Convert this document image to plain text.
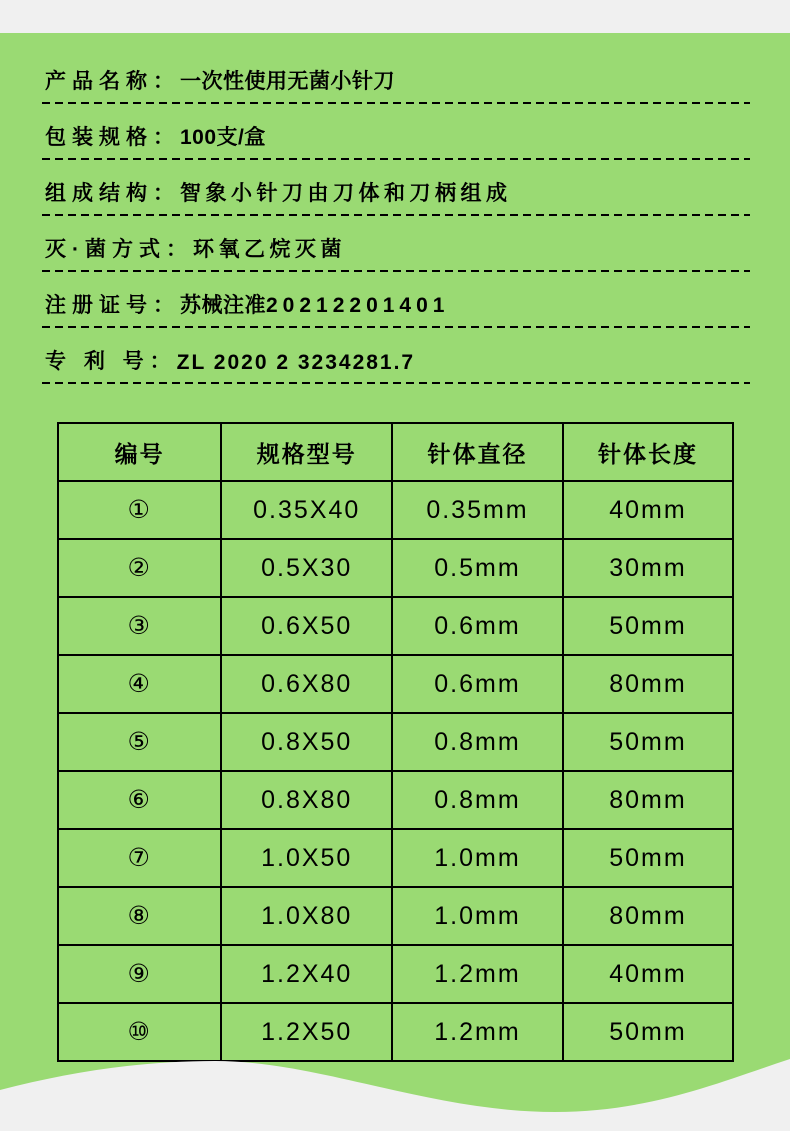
产品名称： 一次性使用无菌小针刀
包装规格： 100支/盒
组成结构： 智象小针刀由刀体和刀柄组成
灭·菌方式： 环氧乙烷灭菌
注册证号： 苏械注准20212201401
专 利 号： ZL 2020 2 3234281.7
编号	规格型号	针体直径	针体长度
①	0.35X40	0.35mm	40mm
②	0.5X30	0.5mm	30mm
③	0.6X50	0.6mm	50mm
④	0.6X80	0.6mm	80mm
⑤	0.8X50	0.8mm	50mm
⑥	0.8X80	0.8mm	80mm
⑦	1.0X50	1.0mm	50mm
⑧	1.0X80	1.0mm	80mm
⑨	1.2X40	1.2mm	40mm
⑩	1.2X50	1.2mm	50mm
